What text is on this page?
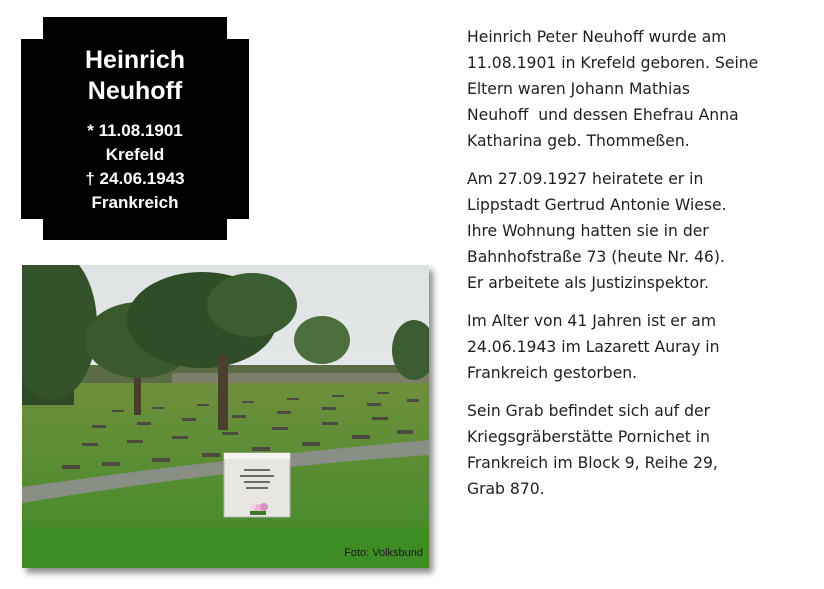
Heinrich
Neuhoff
* 11.08.1901
Krefeld
† 24.06.1943
Frankreich
Foto: Volksbund

Heinrich Peter Neuhoff wurde am
11.08.1901 in Krefeld geboren. Seine
Eltern waren Johann Mathias
Neuhoff  und dessen Ehefrau Anna
Katharina geb. Thommeßen.

Am 27.09.1927 heiratete er in
Lippstadt Gertrud Antonie Wiese.
Ihre Wohnung hatten sie in der
Bahnhofstraße 73 (heute Nr. 46).
Er arbeitete als Justizinspektor.

Im Alter von 41 Jahren ist er am
24.06.1943 im Lazarett Auray in
Frankreich gestorben.

Sein Grab befindet sich auf der
Kriegsgräberstätte Pornichet in
Frankreich im Block 9, Reihe 29,
Grab 870.
